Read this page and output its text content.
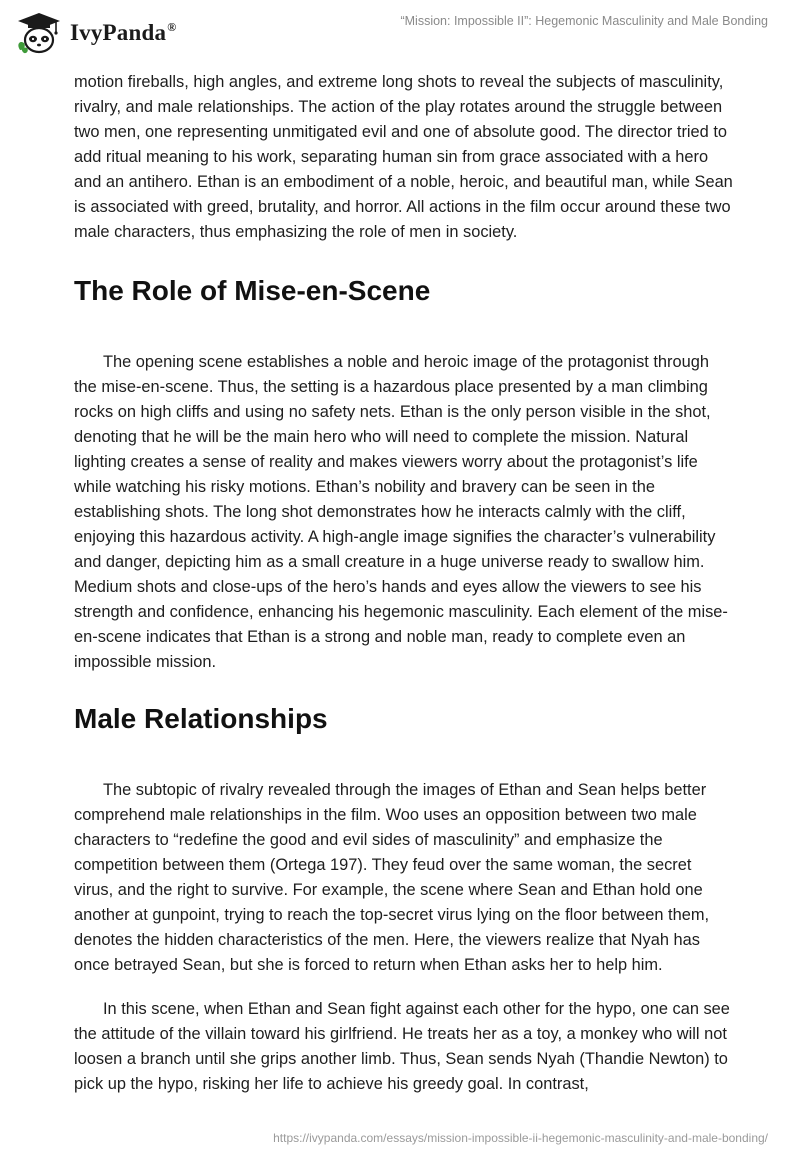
IvyPanda®	“Mission: Impossible II”: Hegemonic Masculinity and Male Bonding

motion fireballs, high angles, and extreme long shots to reveal the subjects of masculinity, rivalry, and male relationships. The action of the play rotates around the struggle between two men, one representing unmitigated evil and one of absolute good. The director tried to add ritual meaning to his work, separating human sin from grace associated with a hero and an antihero. Ethan is an embodiment of a noble, heroic, and beautiful man, while Sean is associated with greed, brutality, and horror. All actions in the film occur around these two male characters, thus emphasizing the role of men in society.

The Role of Mise-en-Scene

The opening scene establishes a noble and heroic image of the protagonist through the mise-en-scene. Thus, the setting is a hazardous place presented by a man climbing rocks on high cliffs and using no safety nets. Ethan is the only person visible in the shot, denoting that he will be the main hero who will need to complete the mission. Natural lighting creates a sense of reality and makes viewers worry about the protagonist’s life while watching his risky motions. Ethan’s nobility and bravery can be seen in the establishing shots. The long shot demonstrates how he interacts calmly with the cliff, enjoying this hazardous activity. A high-angle image signifies the character’s vulnerability and danger, depicting him as a small creature in a huge universe ready to swallow him. Medium shots and close-ups of the hero’s hands and eyes allow the viewers to see his strength and confidence, enhancing his hegemonic masculinity. Each element of the mise-en-scene indicates that Ethan is a strong and noble man, ready to complete even an impossible mission.

Male Relationships

The subtopic of rivalry revealed through the images of Ethan and Sean helps better comprehend male relationships in the film. Woo uses an opposition between two male characters to “redefine the good and evil sides of masculinity” and emphasize the competition between them (Ortega 197). They feud over the same woman, the secret virus, and the right to survive. For example, the scene where Sean and Ethan hold one another at gunpoint, trying to reach the top-secret virus lying on the floor between them, denotes the hidden characteristics of the men. Here, the viewers realize that Nyah has once betrayed Sean, but she is forced to return when Ethan asks her to help him.

In this scene, when Ethan and Sean fight against each other for the hypo, one can see the attitude of the villain toward his girlfriend. He treats her as a toy, a monkey who will not loosen a branch until she grips another limb. Thus, Sean sends Nyah (Thandie Newton) to pick up the hypo, risking her life to achieve his greedy goal. In contrast,

https://ivypanda.com/essays/mission-impossible-ii-hegemonic-masculinity-and-male-bonding/
